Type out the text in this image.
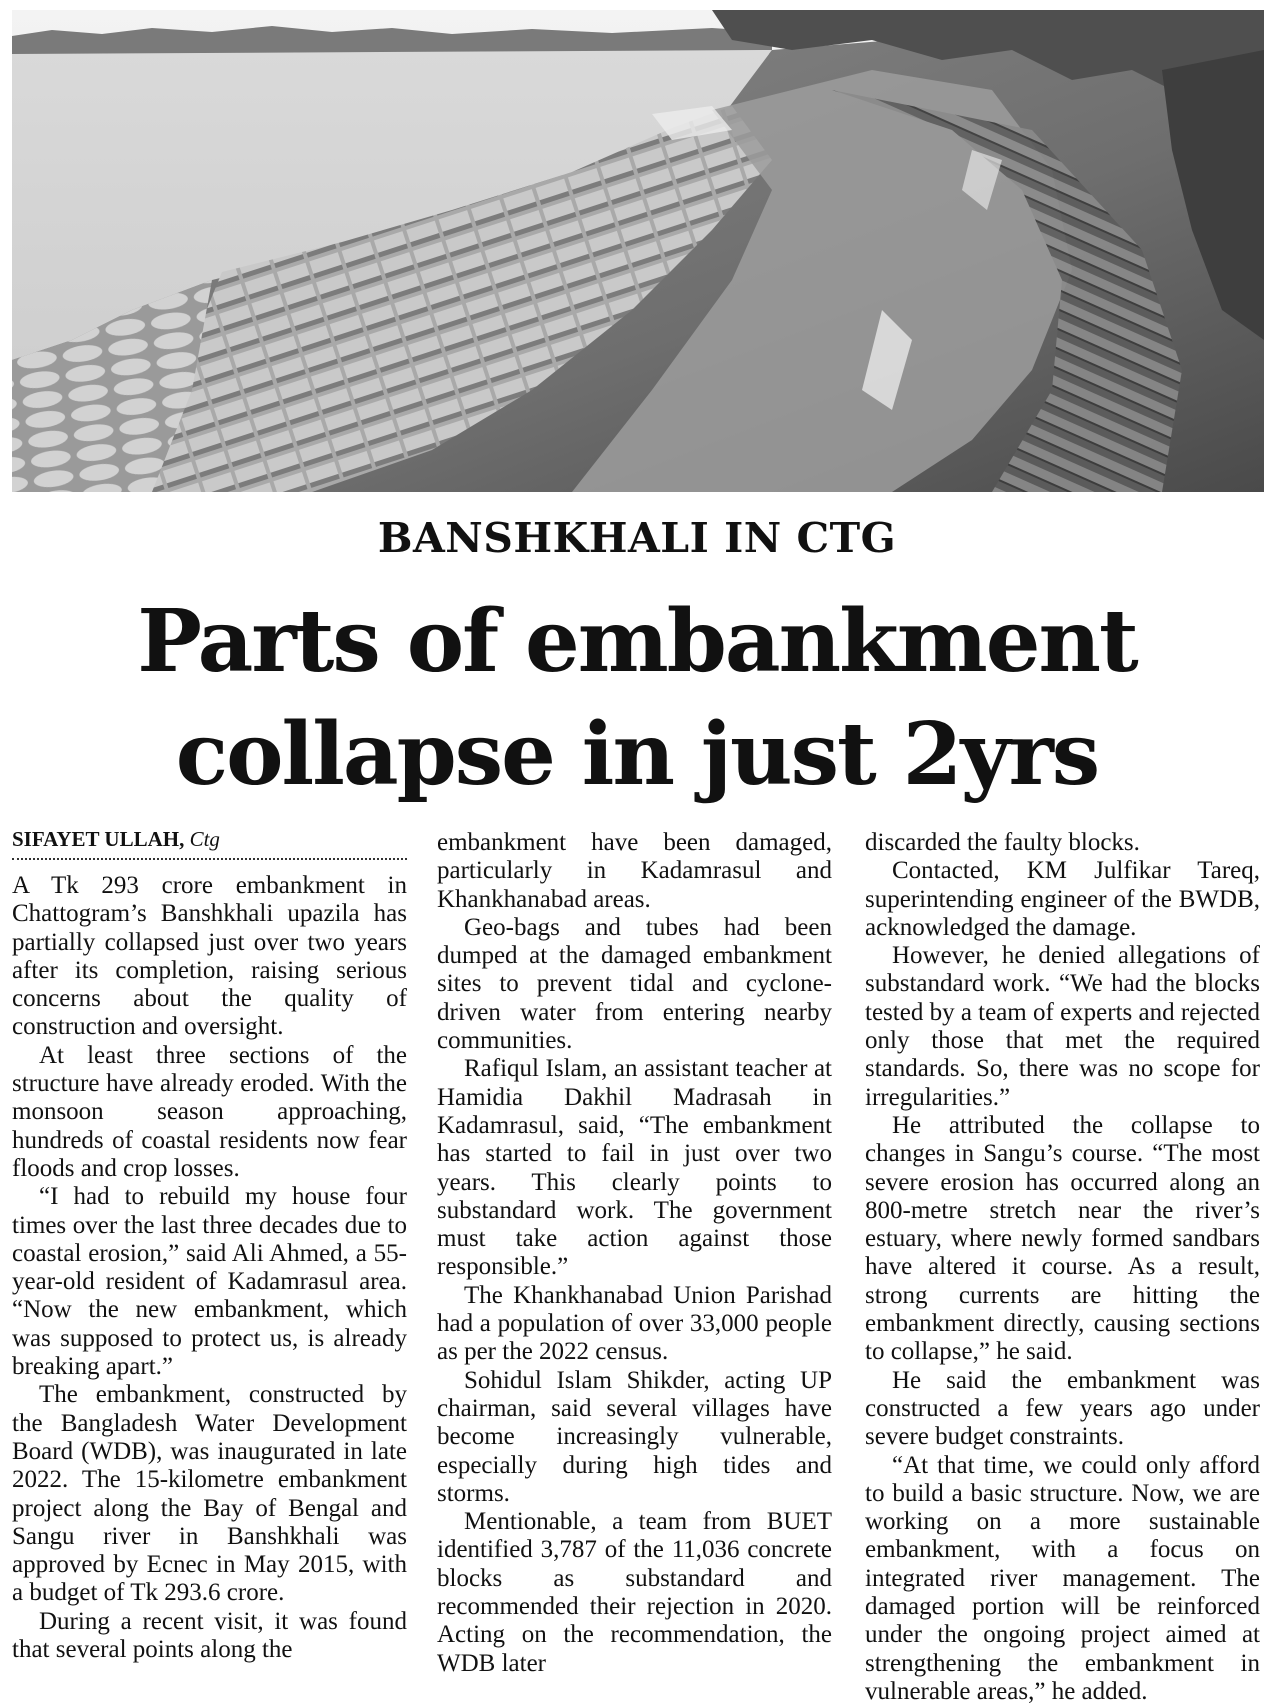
BANSHKHALI IN CTG
Parts of embankment
collapse in just 2yrs
SIFAYET ULLAH, Ctg

A Tk 293 crore embankment in Chattogram’s Banshkhali upazila has partially collapsed just over two years after its completion, raising serious concerns about the quality of construction and oversight.

At least three sections of the structure have already eroded. With the monsoon season approaching, hundreds of coastal residents now fear floods and crop losses.

“I had to rebuild my house four times over the last three decades due to coastal erosion,” said Ali Ahmed, a 55-year-old resident of Kadamrasul area. “Now the new embankment, which was supposed to protect us, is already breaking apart.”

The embankment, constructed by the Bangladesh Water Development Board (WDB), was inaugurated in late 2022. The 15-kilometre embankment project along the Bay of Bengal and Sangu river in Banshkhali was approved by Ecnec in May 2015, with a budget of Tk 293.6 crore.

During a recent visit, it was found that several points along the

embankment have been damaged, particularly in Kadamrasul and Khankhanabad areas.

Geo-bags and tubes had been dumped at the damaged embankment sites to prevent tidal and cyclone-driven water from entering nearby communities.

Rafiqul Islam, an assistant teacher at Hamidia Dakhil Madrasah in Kadamrasul, said, “The embankment has started to fail in just over two years. This clearly points to substandard work. The government must take action against those responsible.”

The Khankhanabad Union Parishad had a population of over 33,000 people as per the 2022 census.

Sohidul Islam Shikder, acting UP chairman, said several villages have become increasingly vulnerable, especially during high tides and storms.

Mentionable, a team from BUET identified 3,787 of the 11,036 concrete blocks as substandard and recommended their rejection in 2020. Acting on the recommendation, the WDB later

discarded the faulty blocks.

Contacted, KM Julfikar Tareq, superintending engineer of the BWDB, acknowledged the damage.

However, he denied allegations of substandard work. “We had the blocks tested by a team of experts and rejected only those that met the required standards. So, there was no scope for irregularities.”

He attributed the collapse to changes in Sangu’s course. “The most severe erosion has occurred along an 800-metre stretch near the river’s estuary, where newly formed sandbars have altered it course. As a result, strong currents are hitting the embankment directly, causing sections to collapse,” he said.

He said the embankment was constructed a few years ago under severe budget constraints.

“At that time, we could only afford to build a basic structure. Now, we are working on a more sustainable embankment, with a focus on integrated river management. The damaged portion will be reinforced under the ongoing project aimed at strengthening the embankment in vulnerable areas,” he added.
